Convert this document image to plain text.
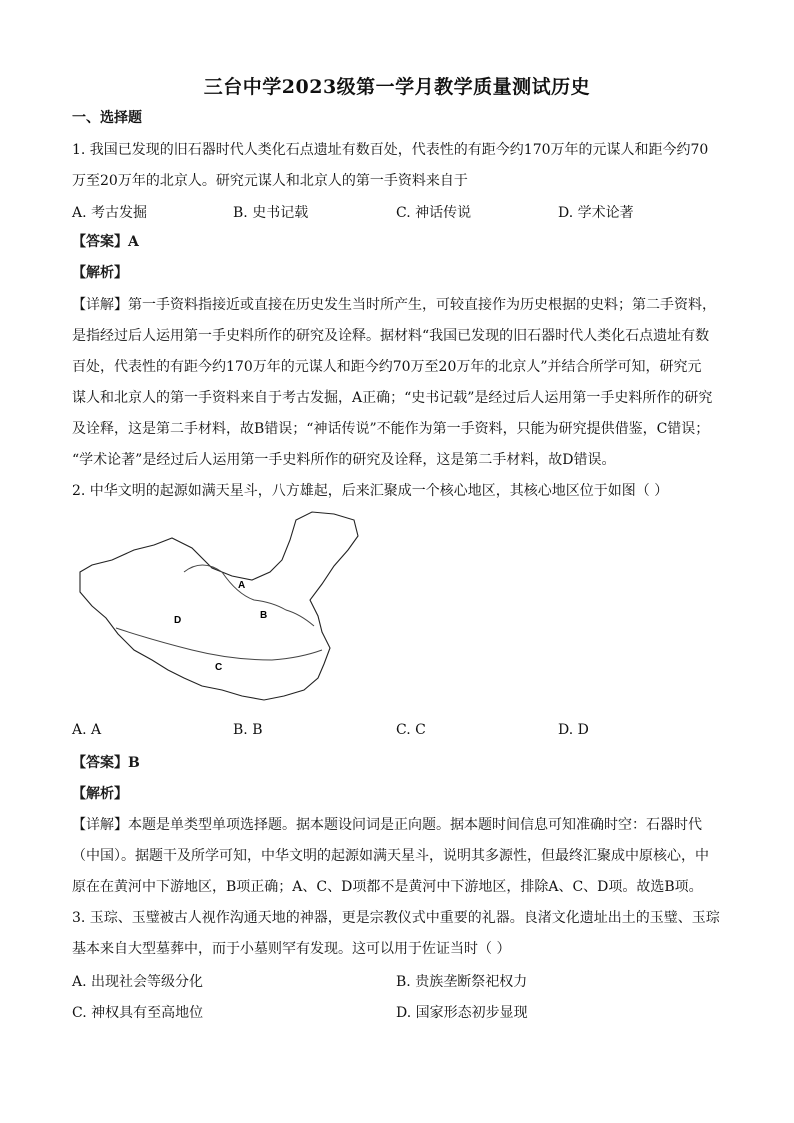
三台中学2023级第一学月教学质量测试历史
一、选择题
1. 我国已发现的旧石器时代人类化石点遗址有数百处，代表性的有距今约170万年的元谋人和距今约70
万至20万年的北京人。研究元谋人和北京人的第一手资料来自于
A. 考古发掘	B. 史书记载	C. 神话传说	D. 学术论著
【答案】A
【解析】
【详解】第一手资料指接近或直接在历史发生当时所产生，可较直接作为历史根据的史料；第二手资料，
是指经过后人运用第一手史料所作的研究及诠释。据材料“我国已发现的旧石器时代人类化石点遗址有数
百处，代表性的有距今约170万年的元谋人和距今约70万至20万年的北京人”并结合所学可知，研究元
谋人和北京人的第一手资料来自于考古发掘，A正确；“史书记载”是经过后人运用第一手史料所作的研究
及诠释，这是第二手材料，故B错误；“神话传说”不能作为第一手资料，只能为研究提供借鉴，C错误；
“学术论著”是经过后人运用第一手史料所作的研究及诠释，这是第二手材料，故D错误。
2. 中华文明的起源如满天星斗，八方雄起，后来汇聚成一个核心地区，其核心地区位于如图（ ）
A
B
C
D
A. A	B. B	C. C	D. D
【答案】B
【解析】
【详解】本题是单类型单项选择题。据本题设问词是正向题。据本题时间信息可知准确时空：石器时代
（中国）。据题干及所学可知，中华文明的起源如满天星斗，说明其多源性，但最终汇聚成中原核心，中
原在在黄河中下游地区，B项正确；A、C、D项都不是黄河中下游地区，排除A、C、D项。故选B项。
3. 玉琮、玉璧被古人视作沟通天地的神器，更是宗教仪式中重要的礼器。良渚文化遗址出土的玉璧、玉琮
基本来自大型墓葬中，而于小墓则罕有发现。这可以用于佐证当时（ ）
A. 出现社会等级分化	B. 贵族垄断祭祀权力
C. 神权具有至高地位	D. 国家形态初步显现
